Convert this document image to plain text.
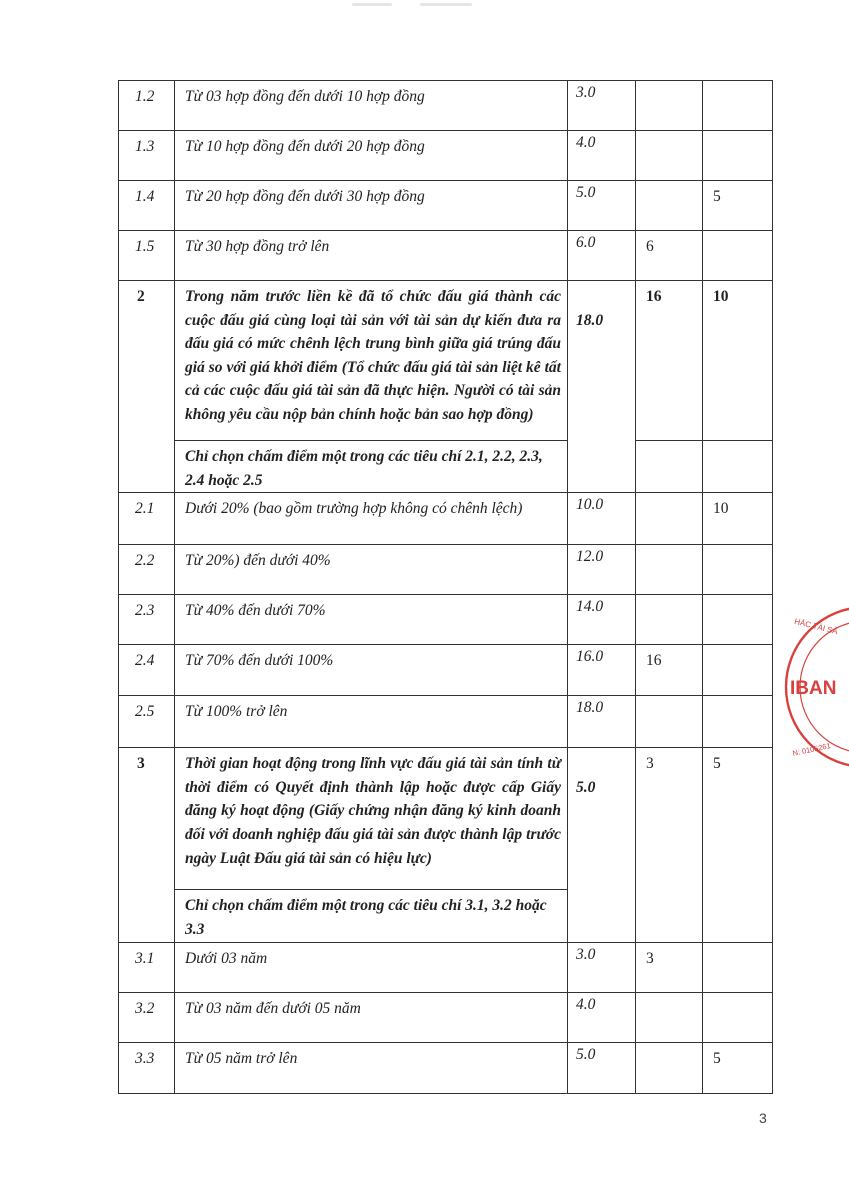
1.2	Từ 03 hợp đồng đến dưới 10 hợp đồng	3.0		
1.3	Từ 10 hợp đồng đến dưới 20 hợp đồng	4.0		
1.4	Từ 20 hợp đồng đến dưới 30 hợp đồng	5.0		5
1.5	Từ 30 hợp đồng trở lên	6.0	6	
2	Trong năm trước liền kề đã tổ chức đấu giá thành các cuộc đấu giá cùng loại tài sản với tài sản dự kiến đưa ra đấu giá có mức chênh lệch trung bình giữa giá trúng đấu giá so với giá khởi điểm (Tổ chức đấu giá tài sản liệt kê tất cả các cuộc đấu giá tài sản đã thực hiện. Người có tài sản không yêu cầu nộp bản chính hoặc bản sao hợp đồng)	18.0	16	10
	Chỉ chọn chấm điểm một trong các tiêu chí 2.1, 2.2, 2.3, 2.4 hoặc 2.5			
2.1	Dưới 20% (bao gồm trường hợp không có chênh lệch)	10.0		10
2.2	Từ 20%) đến dưới 40%	12.0		
2.3	Từ 40% đến dưới 70%	14.0		
2.4	Từ 70% đến dưới 100%	16.0	16	
2.5	Từ 100% trở lên	18.0		
3	Thời gian hoạt động trong lĩnh vực đấu giá tài sản tính từ thời điểm có Quyết định thành lập hoặc được cấp Giấy đăng ký hoạt động (Giấy chứng nhận đăng ký kinh doanh đối với doanh nghiệp đấu giá tài sản được thành lập trước ngày Luật Đấu giá tài sản có hiệu lực)	5.0	3	5
	Chỉ chọn chấm điểm một trong các tiêu chí 3.1, 3.2 hoặc 3.3			
3.1	Dưới 03 năm	3.0	3	
3.2	Từ 03 năm đến dưới 05 năm	4.0		
3.3	Từ 05 năm trở lên	5.0		5
HÁC TÀI SẢ
IBAN
N: 0105261
3
